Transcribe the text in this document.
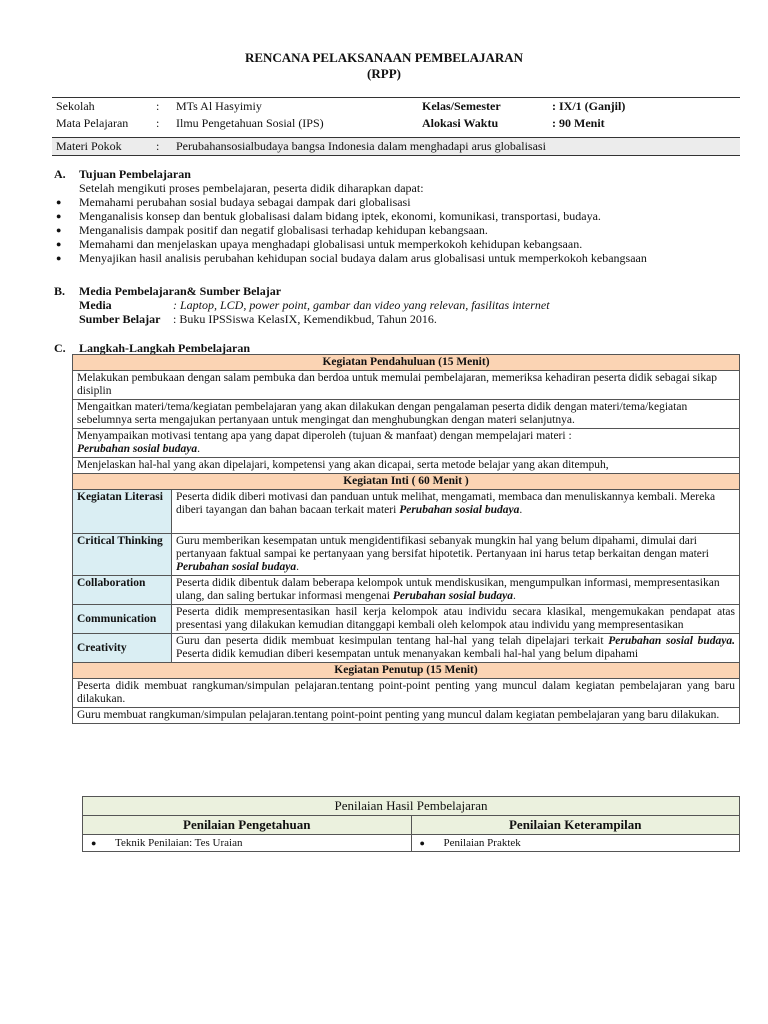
RENCANA PELAKSANAAN PEMBELAJARAN
(RPP)
Sekolah	:	MTs Al Hasyimiy	Kelas/Semester	: IX/1 (Ganjil)
Mata Pelajaran	:	Ilmu Pengetahuan Sosial (IPS)	Alokasi Waktu	: 90 Menit
Materi Pokok	:	Perubahansosialbudaya bangsa Indonesia dalam menghadapi arus globalisasi
A. Tujuan Pembelajaran
Setelah mengikuti proses pembelajaran, peserta didik diharapkan dapat:
● Memahami perubahan sosial budaya sebagai dampak dari globalisasi
● Menganalisis konsep dan bentuk globalisasi dalam bidang iptek, ekonomi, komunikasi, transportasi, budaya.
● Menganalisis dampak positif dan negatif globalisasi terhadap kehidupan kebangsaan.
● Memahami dan menjelaskan upaya menghadapi globalisasi untuk memperkokoh kehidupan kebangsaan.
● Menyajikan hasil analisis perubahan kehidupan social budaya dalam arus globalisasi untuk memperkokoh kebangsaan
B. Media Pembelajaran& Sumber Belajar
Media	: Laptop, LCD, power point, gambar dan video yang relevan, fasilitas internet
Sumber Belajar	: Buku IPSSiswa KelasIX, Kemendikbud, Tahun 2016.
C. Langkah-Langkah Pembelajaran
Kegiatan Pendahuluan (15 Menit)	
Melakukan pembukaan dengan salam pembuka dan berdoa untuk memulai pembelajaran, memeriksa kehadiran peserta didik sebagai sikap disiplin	
Mengaitkan materi/tema/kegiatan pembelajaran yang akan dilakukan dengan pengalaman peserta didik dengan materi/tema/kegiatan sebelumnya serta mengajukan pertanyaan untuk mengingat dan menghubungkan dengan materi selanjutnya.	
Menyampaikan motivasi tentang apa yang dapat diperoleh (tujuan & manfaat) dengan mempelajari materi :
Perubahan sosial budaya.	
Menjelaskan hal-hal yang akan dipelajari, kompetensi yang akan dicapai, serta metode belajar yang akan ditempuh,	
Kegiatan Inti ( 60 Menit )	
Kegiatan Literasi	Peserta didik diberi motivasi dan panduan untuk melihat, mengamati, membaca dan menuliskannya kembali. Mereka diberi tayangan dan bahan bacaan terkait materi Perubahan sosial budaya.
Critical Thinking	Guru memberikan kesempatan untuk mengidentifikasi sebanyak mungkin hal yang belum dipahami, dimulai dari pertanyaan faktual sampai ke pertanyaan yang bersifat hipotetik. Pertanyaan ini harus tetap berkaitan dengan materi Perubahan sosial budaya.
Collaboration	Peserta didik dibentuk dalam beberapa kelompok untuk mendiskusikan, mengumpulkan informasi, mempresentasikan ulang, dan saling bertukar informasi mengenai Perubahan sosial budaya.
Communication	Peserta didik mempresentasikan hasil kerja kelompok atau individu secara klasikal, mengemukakan pendapat atas presentasi yang dilakukan kemudian ditanggapi kembali oleh kelompok atau individu yang mempresentasikan
Creativity	Guru dan peserta didik membuat kesimpulan tentang hal-hal yang telah dipelajari terkait Perubahan sosial budaya. Peserta didik kemudian diberi kesempatan untuk menanyakan kembali hal-hal yang belum dipahami
Kegiatan Penutup (15 Menit)	
Peserta didik membuat rangkuman/simpulan pelajaran.tentang point-point penting yang muncul dalam kegiatan pembelajaran yang baru dilakukan.	
Guru membuat rangkuman/simpulan pelajaran.tentang point-point penting yang muncul dalam kegiatan pembelajaran yang baru dilakukan.	
Penilaian Hasil Pembelajaran	
Penilaian Pengetahuan	Penilaian Keterampilan
● Teknik Penilaian: Tes Uraian	● Penilaian Praktek
